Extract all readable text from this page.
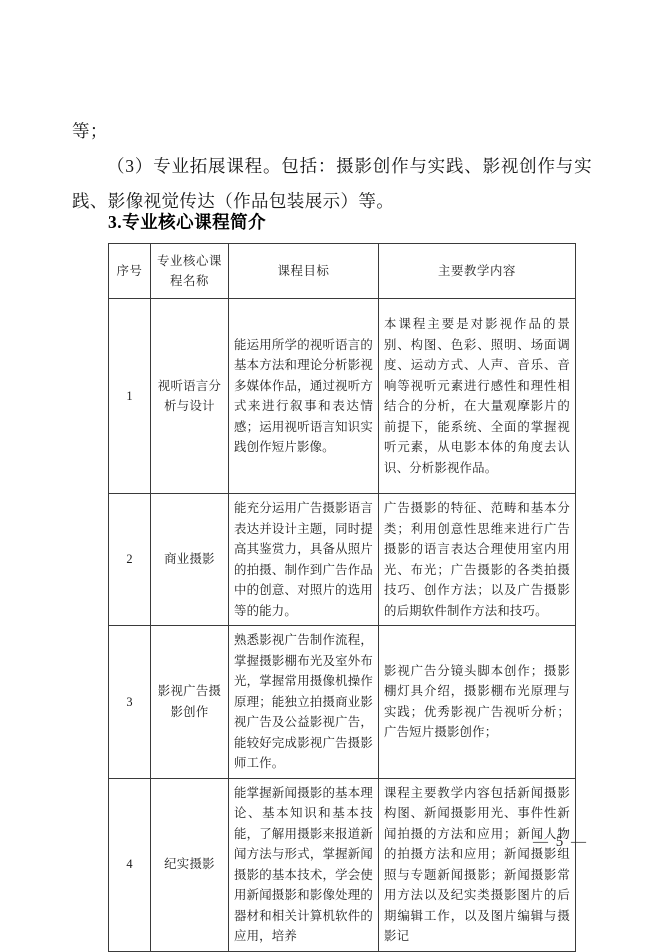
等；
（3）专业拓展课程。包括：摄影创作与实践、影视创作与实践、影像视觉传达（作品包装展示）等。
3.专业核心课程简介
序号	专业核心课程名称	课程目标	主要教学内容
1	视听语言分析与设计	能运用所学的视听语言的基本方法和理论分析影视多媒体作品，通过视听方式来进行叙事和表达情感；运用视听语言知识实践创作短片影像。	本课程主要是对影视作品的景别、构图、色彩、照明、场面调度、运动方式、人声、音乐、音响等视听元素进行感性和理性相结合的分析，在大量观摩影片的前提下，能系统、全面的掌握视听元素，从电影本体的角度去认识、分析影视作品。
2	商业摄影	能充分运用广告摄影语言表达并设计主题，同时提高其鉴赏力，具备从照片的拍摄、制作到广告作品中的创意、对照片的选用等的能力。	广告摄影的特征、范畴和基本分类；利用创意性思维来进行广告摄影的语言表达合理使用室内用光、布光；广告摄影的各类拍摄技巧、创作方法；以及广告摄影的后期软件制作方法和技巧。
3	影视广告摄影创作	熟悉影视广告制作流程，掌握摄影棚布光及室外布光，掌握常用摄像机操作原理；能独立拍摄商业影视广告及公益影视广告，能较好完成影视广告摄影师工作。	影视广告分镜头脚本创作；摄影棚灯具介绍，摄影棚布光原理与实践；优秀影视广告视听分析；广告短片摄影创作；
4	纪实摄影	能掌握新闻摄影的基本理论、基本知识和基本技能，了解用摄影来报道新闻方法与形式，掌握新闻摄影的基本技术，学会使用新闻摄影和影像处理的器材和相关计算机软件的应用，培养	课程主要教学内容包括新闻摄影构图、新闻摄影用光、事件性新闻拍摄的方法和应用；新闻人物的拍摄方法和应用；新闻摄影组照与专题新闻摄影；新闻摄影常用方法以及纪实类摄影图片的后期编辑工作，以及图片编辑与摄影记
— 5 —
